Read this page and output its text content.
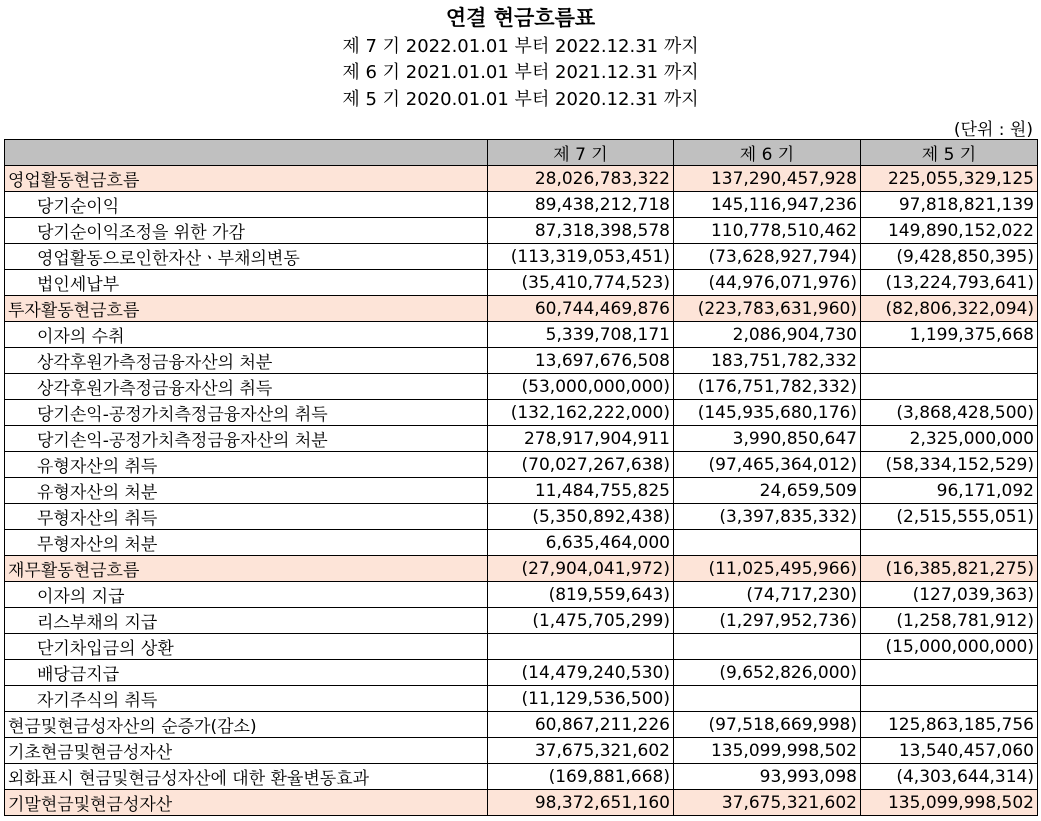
연결 현금흐름표
제 7 기 2022.01.01 부터 2022.12.31 까지
제 6 기 2021.01.01 부터 2021.12.31 까지
제 5 기 2020.01.01 부터 2020.12.31 까지
(단위 : 원)
	제 7 기	제 6 기	제 5 기
영업활동현금흐름	28,026,783,322	137,290,457,928	225,055,329,125
당기순이익	89,438,212,718	145,116,947,236	97,818,821,139
당기순이익조정을 위한 가감	87,318,398,578	110,778,510,462	149,890,152,022
영업활동으로인한자산ㆍ부채의변동	(113,319,053,451)	(73,628,927,794)	(9,428,850,395)
법인세납부	(35,410,774,523)	(44,976,071,976)	(13,224,793,641)
투자활동현금흐름	60,744,469,876	(223,783,631,960)	(82,806,322,094)
이자의 수취	5,339,708,171	2,086,904,730	1,199,375,668
상각후원가측정금융자산의 처분	13,697,676,508	183,751,782,332	
상각후원가측정금융자산의 취득	(53,000,000,000)	(176,751,782,332)	
당기손익-공정가치측정금융자산의 취득	(132,162,222,000)	(145,935,680,176)	(3,868,428,500)
당기손익-공정가치측정금융자산의 처분	278,917,904,911	3,990,850,647	2,325,000,000
유형자산의 취득	(70,027,267,638)	(97,465,364,012)	(58,334,152,529)
유형자산의 처분	11,484,755,825	24,659,509	96,171,092
무형자산의 취득	(5,350,892,438)	(3,397,835,332)	(2,515,555,051)
무형자산의 처분	6,635,464,000		
재무활동현금흐름	(27,904,041,972)	(11,025,495,966)	(16,385,821,275)
이자의 지급	(819,559,643)	(74,717,230)	(127,039,363)
리스부채의 지급	(1,475,705,299)	(1,297,952,736)	(1,258,781,912)
단기차입금의 상환			(15,000,000,000)
배당금지급	(14,479,240,530)	(9,652,826,000)	
자기주식의 취득	(11,129,536,500)		
현금및현금성자산의 순증가(감소)	60,867,211,226	(97,518,669,998)	125,863,185,756
기초현금및현금성자산	37,675,321,602	135,099,998,502	13,540,457,060
외화표시 현금및현금성자산에 대한 환율변동효과	(169,881,668)	93,993,098	(4,303,644,314)
기말현금및현금성자산	98,372,651,160	37,675,321,602	135,099,998,502
